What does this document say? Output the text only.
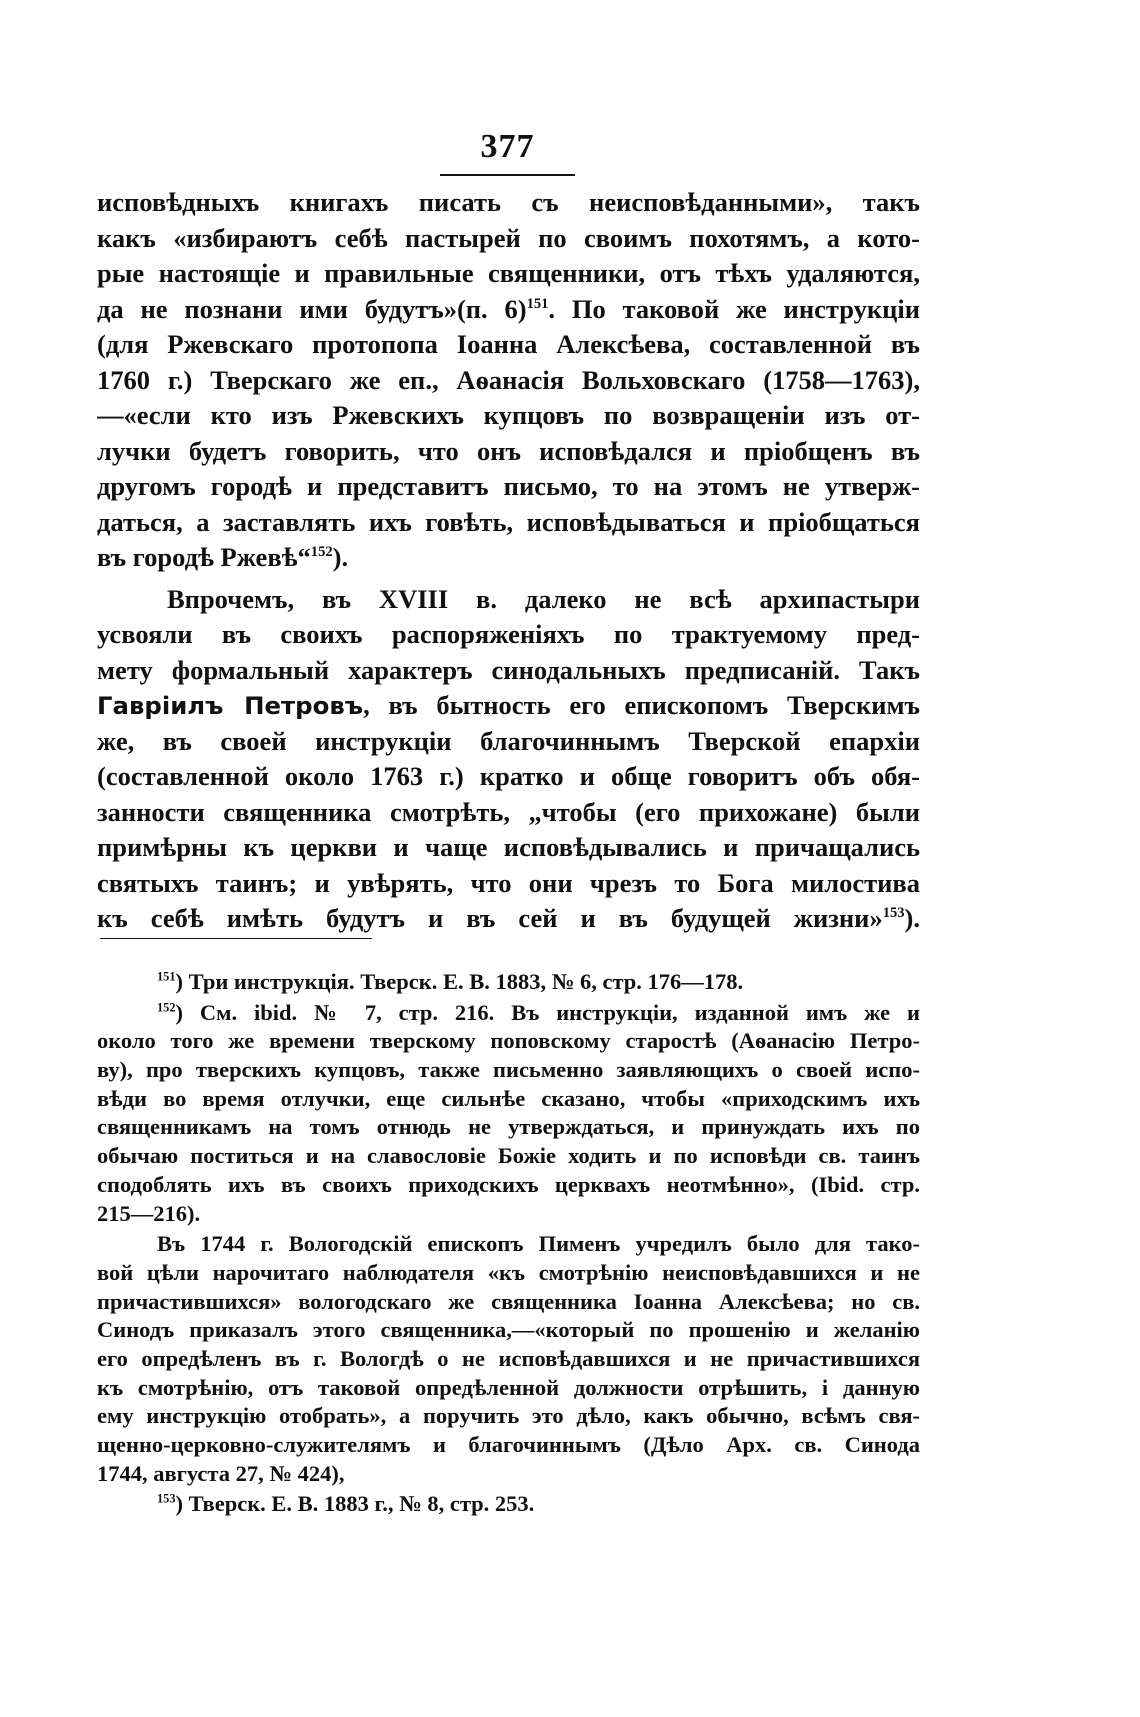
377
исповѣдныхъ книгахъ писать съ неисповѣданными», такъ
какъ «избираютъ себѣ пастырей по своимъ похотямъ, а кото-
рые настоящіе и правильные священники, отъ тѣхъ удаляются,
да не познани ими будутъ»(п. 6)$^{151}$. По таковой же инструкціи
(для Ржевскаго протопопа Іоанна Алексѣева, составленной въ
1760 г.) Тверскаго же еп., Аѳанасія Вольховскаго (1758—1763),
—«если кто изъ Ржевскихъ купцовъ по возвращеніи изъ от-
лучки будетъ говорить, что онъ исповѣдался и пріобщенъ въ
другомъ городѣ и представитъ письмо, то на этомъ не утверж-
даться, а заставлять ихъ говѣть, исповѣдываться и пріобщаться
въ городѣ Ржевѣ“$^{152}$).
Впрочемъ, въ XVIII в. далеко не всѣ архипастыри
усвояли въ своихъ распоряженіяхъ по трактуемому пред-
мету формальный характеръ синодальныхъ предписаній. Такъ
Гавріилъ Петровъ, въ бытность его епископомъ Тверскимъ
же, въ своей инструкціи благочиннымъ Тверской епархіи
(составленной около 1763 г.) кратко и обще говоритъ объ обя-
занности священника смотрѣть, „чтобы (его прихожане) были
примѣрны къ церкви и чаще исповѣдывались и причащались
святыхъ таинъ; и увѣрять, что они чрезъ то Бога милостива
къ себѣ имѣть будутъ и въ сей и въ будущей жизни»$^{153}$).
$^{151}$) Три инструкція. Тверск. Е. В. 1883, № 6, стр. 176—178.
$^{152}$) См. ibid. № 7, стр. 216. Въ инструкціи, изданной имъ же и
около того же времени тверскому поповскому старостѣ (Аѳанасію Петро-
ву), про тверскихъ купцовъ, также письменно заявляющихъ о своей испо-
вѣди во время отлучки, еще сильнѣе сказано, чтобы «приходскимъ ихъ
священникамъ на томъ отнюдь не утверждаться, и принуждать ихъ по
обычаю поститься и на славословіе Божіе ходить и по исповѣди св. таинъ
сподоблять ихъ въ своихъ приходскихъ церквахъ неотмѣнно», (Ibid. стр.
215—216).
Въ 1744 г. Вологодскій епископъ Пименъ учредилъ было для тако-
вой цѣли нарочитаго наблюдателя «къ смотрѣнію неисповѣдавшихся и не
причастившихся» вологодскаго же священника Іоанна Алексѣева; но св.
Синодъ приказалъ этого священника,—«который по прошенію и желанію
его опредѣленъ въ г. Вологдѣ о не исповѣдавшихся и не причастившихся
къ смотрѣнію, отъ таковой опредѣленной должности отрѣшить, і данную
ему инструкцію отобрать», а поручить это дѣло, какъ обычно, всѣмъ свя-
щенно-церковно-служителямъ и благочиннымъ (Дѣло Арх. св. Синода
1744, августа 27, № 424),
$^{153}$) Тверск. Е. В. 1883 г., № 8, стр. 253.
